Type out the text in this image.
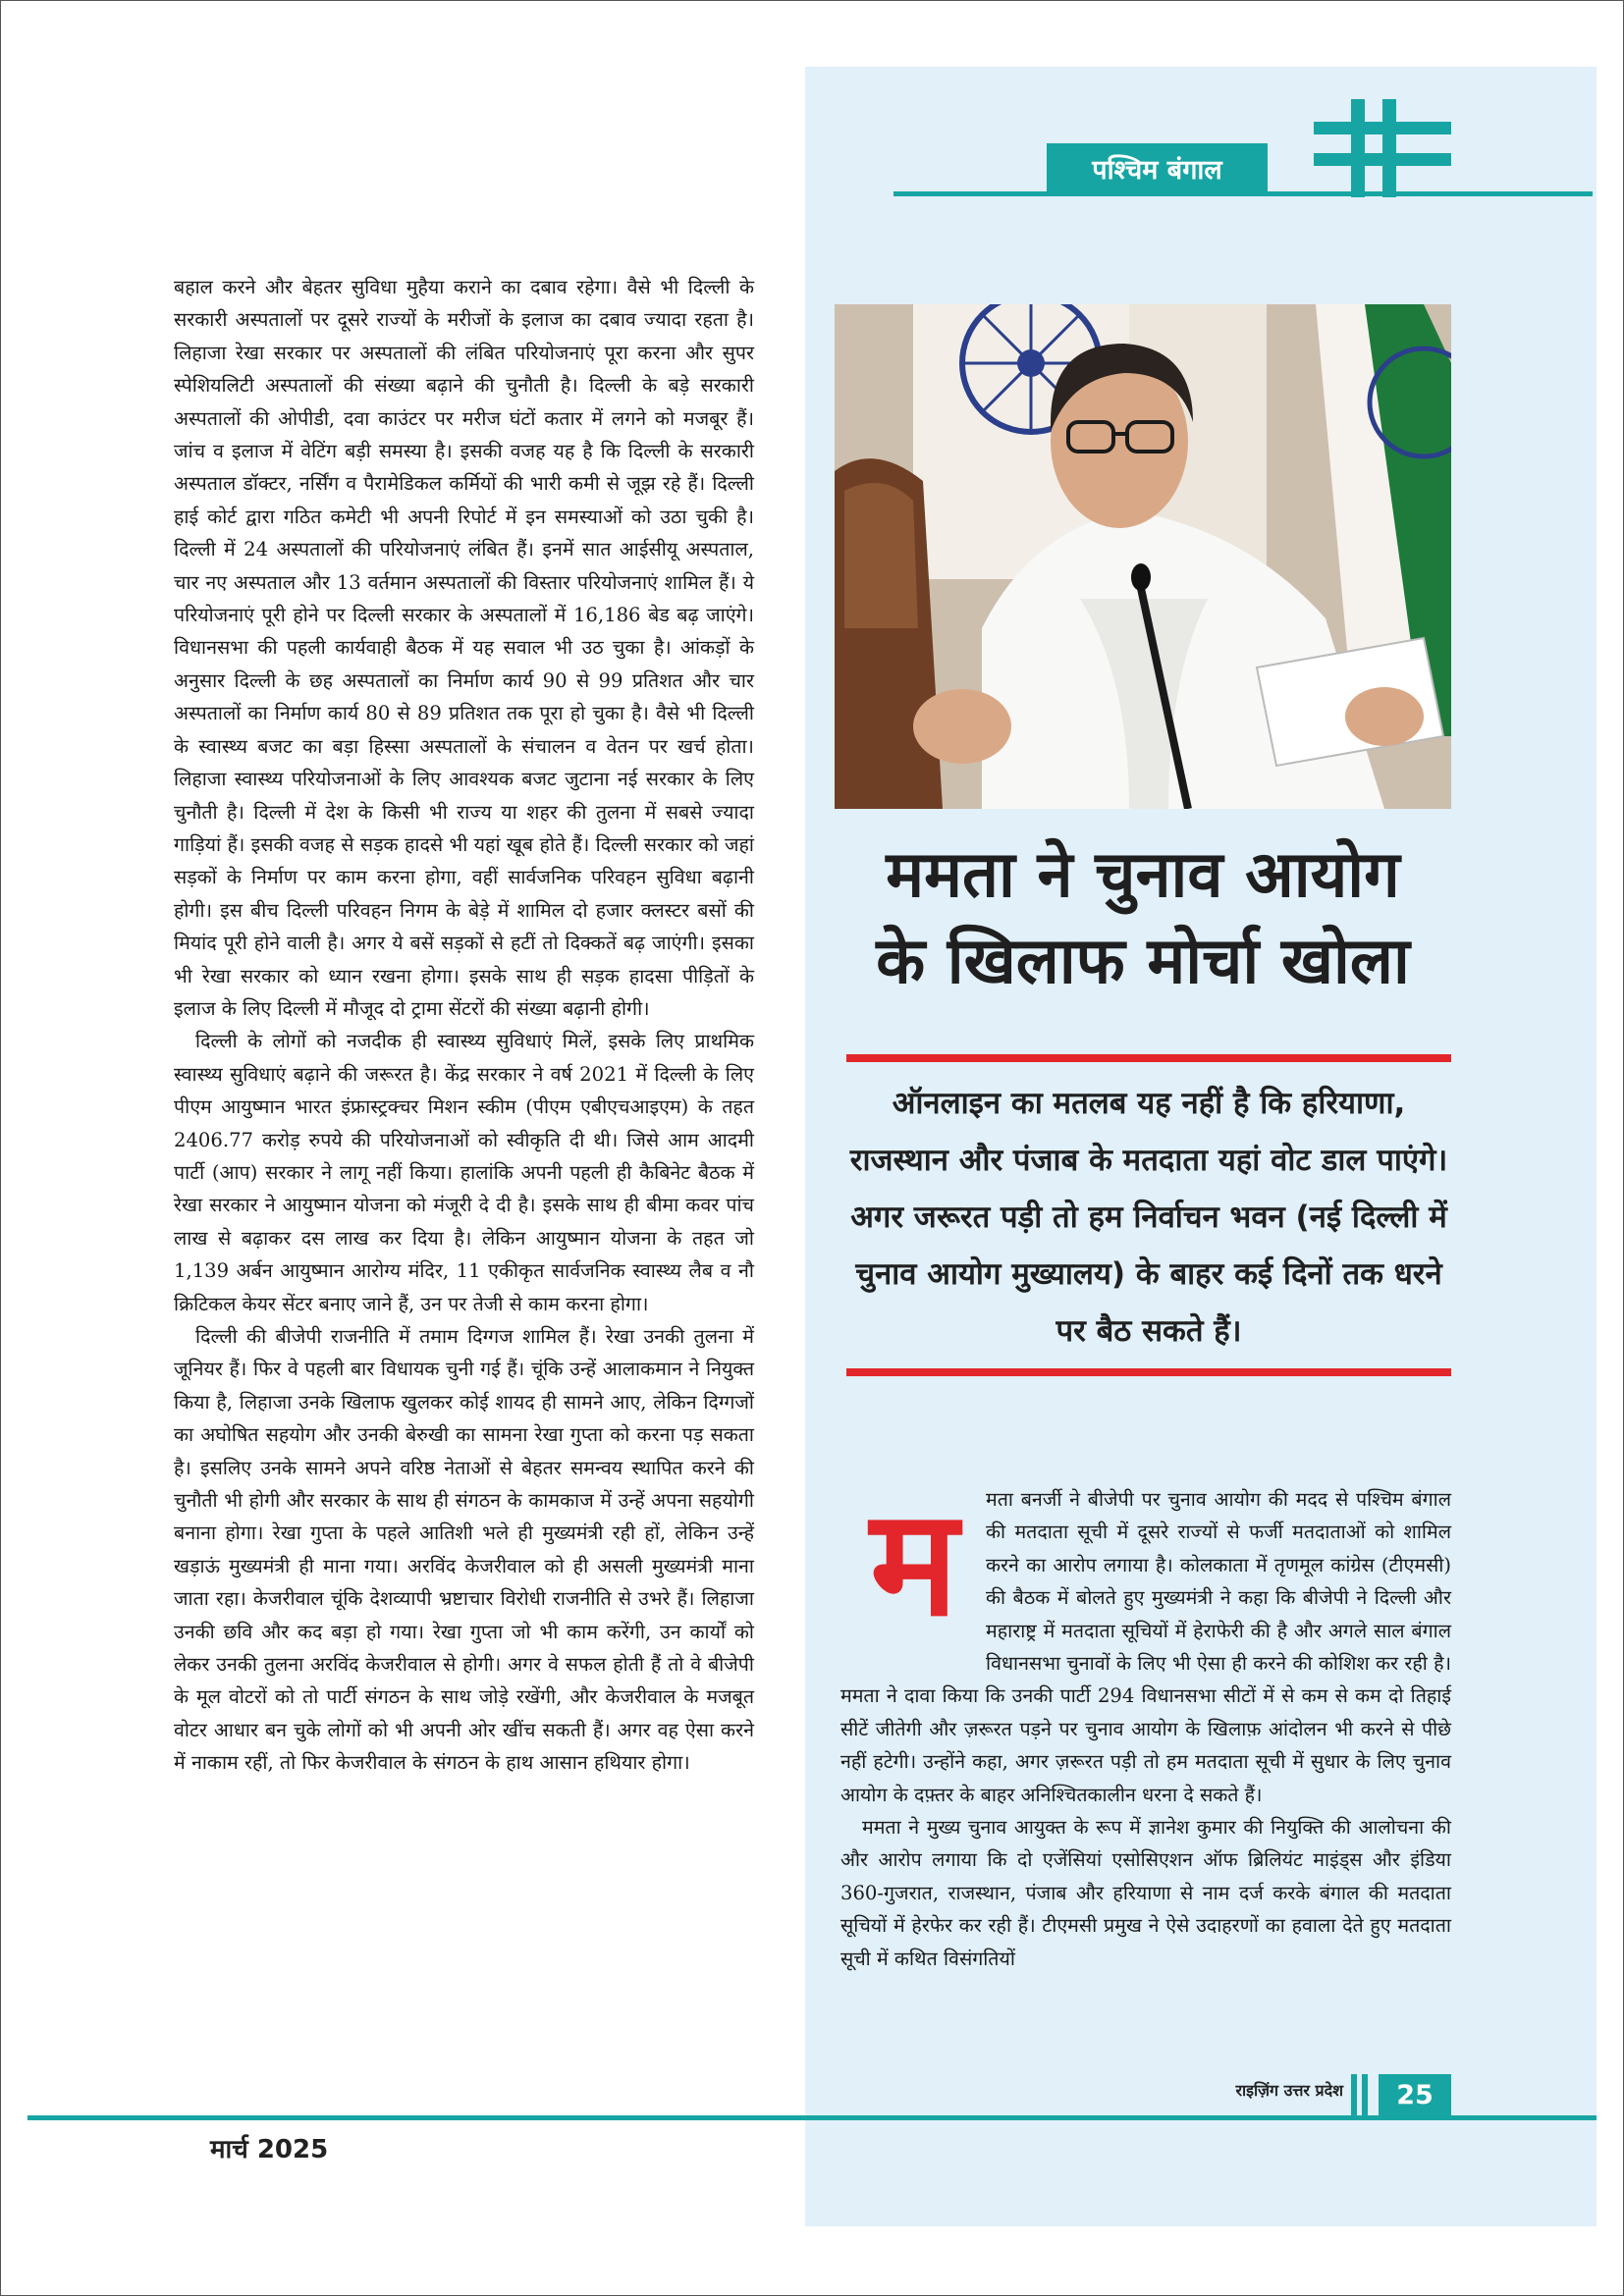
पश्चिम बंगाल

बहाल करने और बेहतर सुविधा मुहैया कराने का दबाव रहेगा। वैसे भी दिल्ली के सरकारी अस्पतालों पर दूसरे राज्यों के मरीजों के इलाज का दबाव ज्यादा रहता है। लिहाजा रेखा सरकार पर अस्पतालों की लंबित परियोजनाएं पूरा करना और सुपर स्पेशियलिटी अस्पतालों की संख्या बढ़ाने की चुनौती है। दिल्ली के बड़े सरकारी अस्पतालों की ओपीडी, दवा काउंटर पर मरीज घंटों कतार में लगने को मजबूर हैं। जांच व इलाज में वेटिंग बड़ी समस्या है। इसकी वजह यह है कि दिल्ली के सरकारी अस्पताल डॉक्टर, नर्सिंग व पैरामेडिकल कर्मियों की भारी कमी से जूझ रहे हैं। दिल्ली हाई कोर्ट द्वारा गठित कमेटी भी अपनी रिपोर्ट में इन समस्याओं को उठा चुकी है। दिल्ली में 24 अस्पतालों की परियोजनाएं लंबित हैं। इनमें सात आईसीयू अस्पताल, चार नए अस्पताल और 13 वर्तमान अस्पतालों की विस्तार परियोजनाएं शामिल हैं। ये परियोजनाएं पूरी होने पर दिल्ली सरकार के अस्पतालों में 16,186 बेड बढ़ जाएंगे। विधानसभा की पहली कार्यवाही बैठक में यह सवाल भी उठ चुका है। आंकड़ों के अनुसार दिल्ली के छह अस्पतालों का निर्माण कार्य 90 से 99 प्रतिशत और चार अस्पतालों का निर्माण कार्य 80 से 89 प्रतिशत तक पूरा हो चुका है। वैसे भी दिल्ली के स्वास्थ्य बजट का बड़ा हिस्सा अस्पतालों के संचालन व वेतन पर खर्च होता। लिहाजा स्वास्थ्य परियोजनाओं के लिए आवश्यक बजट जुटाना नई सरकार के लिए चुनौती है। दिल्ली में देश के किसी भी राज्य या शहर की तुलना में सबसे ज्यादा गाड़ियां हैं। इसकी वजह से सड़क हादसे भी यहां खूब होते हैं। दिल्ली सरकार को जहां सड़कों के निर्माण पर काम करना होगा, वहीं सार्वजनिक परिवहन सुविधा बढ़ानी होगी। इस बीच दिल्ली परिवहन निगम के बेड़े में शामिल दो हजार क्लस्टर बसों की मियांद पूरी होने वाली है। अगर ये बसें सड़कों से हटीं तो दिक्कतें बढ़ जाएंगी। इसका भी रेखा सरकार को ध्यान रखना होगा। इसके साथ ही सड़क हादसा पीड़ितों के इलाज के लिए दिल्ली में मौजूद दो ट्रामा सेंटरों की संख्या बढ़ानी होगी।

दिल्ली के लोगों को नजदीक ही स्वास्थ्य सुविधाएं मिलें, इसके लिए प्राथमिक स्वास्थ्य सुविधाएं बढ़ाने की जरूरत है। केंद्र सरकार ने वर्ष 2021 में दिल्ली के लिए पीएम आयुष्मान भारत इंफ्रास्ट्रक्चर मिशन स्कीम (पीएम एबीएचआइएम) के तहत 2406.77 करोड़ रुपये की परियोजनाओं को स्वीकृति दी थी। जिसे आम आदमी पार्टी (आप) सरकार ने लागू नहीं किया। हालांकि अपनी पहली ही कैबिनेट बैठक में रेखा सरकार ने आयुष्मान योजना को मंजूरी दे दी है। इसके साथ ही बीमा कवर पांच लाख से बढ़ाकर दस लाख कर दिया है। लेकिन आयुष्मान योजना के तहत जो 1,139 अर्बन आयुष्मान आरोग्य मंदिर, 11 एकीकृत सार्वजनिक स्वास्थ्य लैब व नौ क्रिटिकल केयर सेंटर बनाए जाने हैं, उन पर तेजी से काम करना होगा।

दिल्ली की बीजेपी राजनीति में तमाम दिग्गज शामिल हैं। रेखा उनकी तुलना में जूनियर हैं। फिर वे पहली बार विधायक चुनी गई हैं। चूंकि उन्हें आलाकमान ने नियुक्त किया है, लिहाजा उनके खिलाफ खुलकर कोई शायद ही सामने आए, लेकिन दिग्गजों का अघोषित सहयोग और उनकी बेरुखी का सामना रेखा गुप्ता को करना पड़ सकता है। इसलिए उनके सामने अपने वरिष्ठ नेताओं से बेहतर समन्वय स्थापित करने की चुनौती भी होगी और सरकार के साथ ही संगठन के कामकाज में उन्हें अपना सहयोगी बनाना होगा। रेखा गुप्ता के पहले आतिशी भले ही मुख्यमंत्री रही हों, लेकिन उन्हें खड़ाऊं मुख्यमंत्री ही माना गया। अरविंद केजरीवाल को ही असली मुख्यमंत्री माना जाता रहा। केजरीवाल चूंकि देशव्यापी भ्रष्टाचार विरोधी राजनीति से उभरे हैं। लिहाजा उनकी छवि और कद बड़ा हो गया। रेखा गुप्ता जो भी काम करेंगी, उन कार्यों को लेकर उनकी तुलना अरविंद केजरीवाल से होगी। अगर वे सफल होती हैं तो वे बीजेपी के मूल वोटरों को तो पार्टी संगठन के साथ जोड़े रखेंगी, और केजरीवाल के मजबूत वोटर आधार बन चुके लोगों को भी अपनी ओर खींच सकती हैं। अगर वह ऐसा करने में नाकाम रहीं, तो फिर केजरीवाल के संगठन के हाथ आसान हथियार होगा।

ममता ने चुनाव आयोग
के खिलाफ मोर्चा खोला

ऑनलाइन का मतलब यह नहीं है कि हरियाणा, राजस्थान और पंजाब के मतदाता यहां वोट डाल पाएंगे। अगर जरूरत पड़ी तो हम निर्वाचन भवन (नई दिल्ली में चुनाव आयोग मुख्यालय) के बाहर कई दिनों तक धरने पर बैठ सकते हैं।

म	मता बनर्जी ने बीजेपी पर चुनाव आयोग की मदद से पश्चिम बंगाल की मतदाता सूची में दूसरे राज्यों से फर्जी मतदाताओं को शामिल करने का आरोप लगाया है। कोलकाता में तृणमूल कांग्रेस (टीएमसी) की बैठक में बोलते हुए मुख्यमंत्री ने कहा कि बीजेपी ने दिल्ली और महाराष्ट्र में मतदाता सूचियों में हेराफेरी की है और अगले साल बंगाल विधानसभा चुनावों के लिए भी ऐसा ही करने की कोशिश कर रही है। ममता ने दावा किया कि उनकी पार्टी 294 विधानसभा सीटों में से कम से कम दो तिहाई सीटें जीतेगी और ज़रूरत पड़ने पर चुनाव आयोग के खिलाफ़ आंदोलन भी करने से पीछे नहीं हटेगी। उन्होंने कहा, अगर ज़रूरत पड़ी तो हम मतदाता सूची में सुधार के लिए चुनाव आयोग के दफ़्तर के बाहर अनिश्चितकालीन धरना दे सकते हैं।

ममता ने मुख्य चुनाव आयुक्त के रूप में ज्ञानेश कुमार की नियुक्ति की आलोचना की और आरोप लगाया कि दो एजेंसियां एसोसिएशन ऑफ ब्रिलियंट माइंड्स और इंडिया 360-गुजरात, राजस्थान, पंजाब और हरियाणा से नाम दर्ज करके बंगाल की मतदाता सूचियों में हेरफेर कर रही हैं। टीएमसी प्रमुख ने ऐसे उदाहरणों का हवाला देते हुए मतदाता सूची में कथित विसंगतियों

राइज़िंग उत्तर प्रदेश	25
मार्च 2025
